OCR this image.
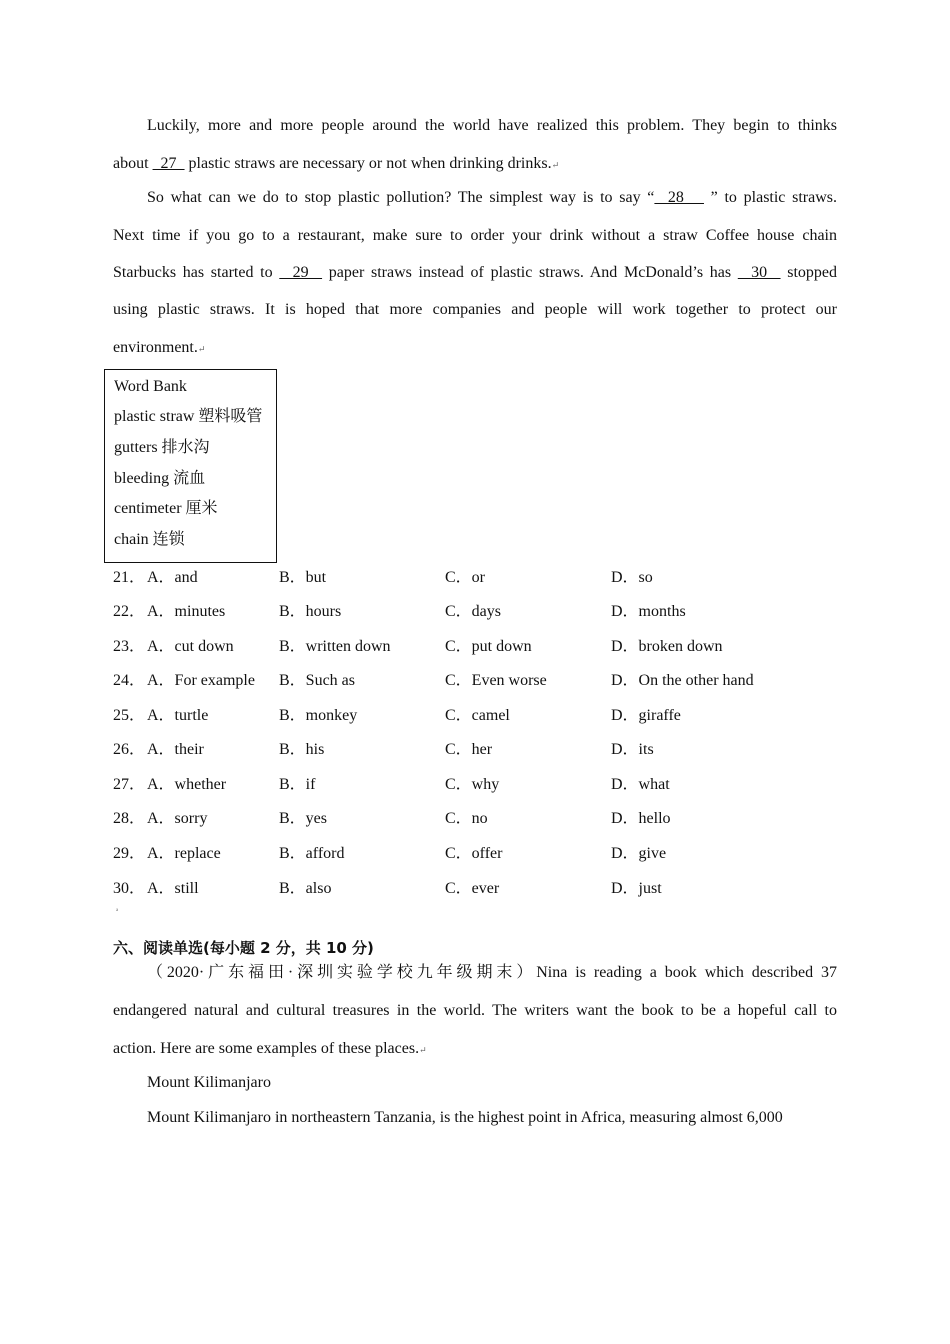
Luckily, more and more people around the world have realized this problem. They begin to thinks
about   27   plastic straws are necessary or not when drinking drinks.↵
So what can we do to stop plastic pollution? The simplest way is to say “  28    ” to plastic straws.
Next time if you go to a restaurant, make sure to order your drink without a straw Coffee house chain
Starbucks has started to   29   paper straws instead of plastic straws. And McDonald’s has   30   stopped
using plastic straws. It is hoped that more companies and people will work together to protect our
environment.↵
Word Bank
plastic straw 塑料吸管
gutters 排水沟
bleeding 流血
centimeter 厘米
chain 连锁
21． A．and	B．but	C．or	D．so
22． A．minutes	B．hours	C．days	D．months
23． A．cut down	B．written down	C．put down	D．broken down
24． A．For example B．Such as	C．Even worse	D．On the other hand
25． A．turtle	B．monkey	C．camel	D．giraffe
26． A．their	B．his	C．her	D．its
27． A．whether	B．if	C．why	D．what
28． A．sorry	B．yes	C．no	D．hello
29． A．replace	B．afford	C．offer	D．give
30． A．still	B．also	C．ever	D．just
ᵃ
六、阅读单选(每小题 2 分，共 10 分)
（2020·广东福田·深圳实验学校九年级期末）Nina is reading a book which described 37
endangered natural and cultural treasures in the world. The writers want the book to be a hopeful call to
action. Here are some examples of these places.↵
Mount Kilimanjaro
Mount Kilimanjaro in northeastern Tanzania, is the highest point in Africa, measuring almost 6,000
